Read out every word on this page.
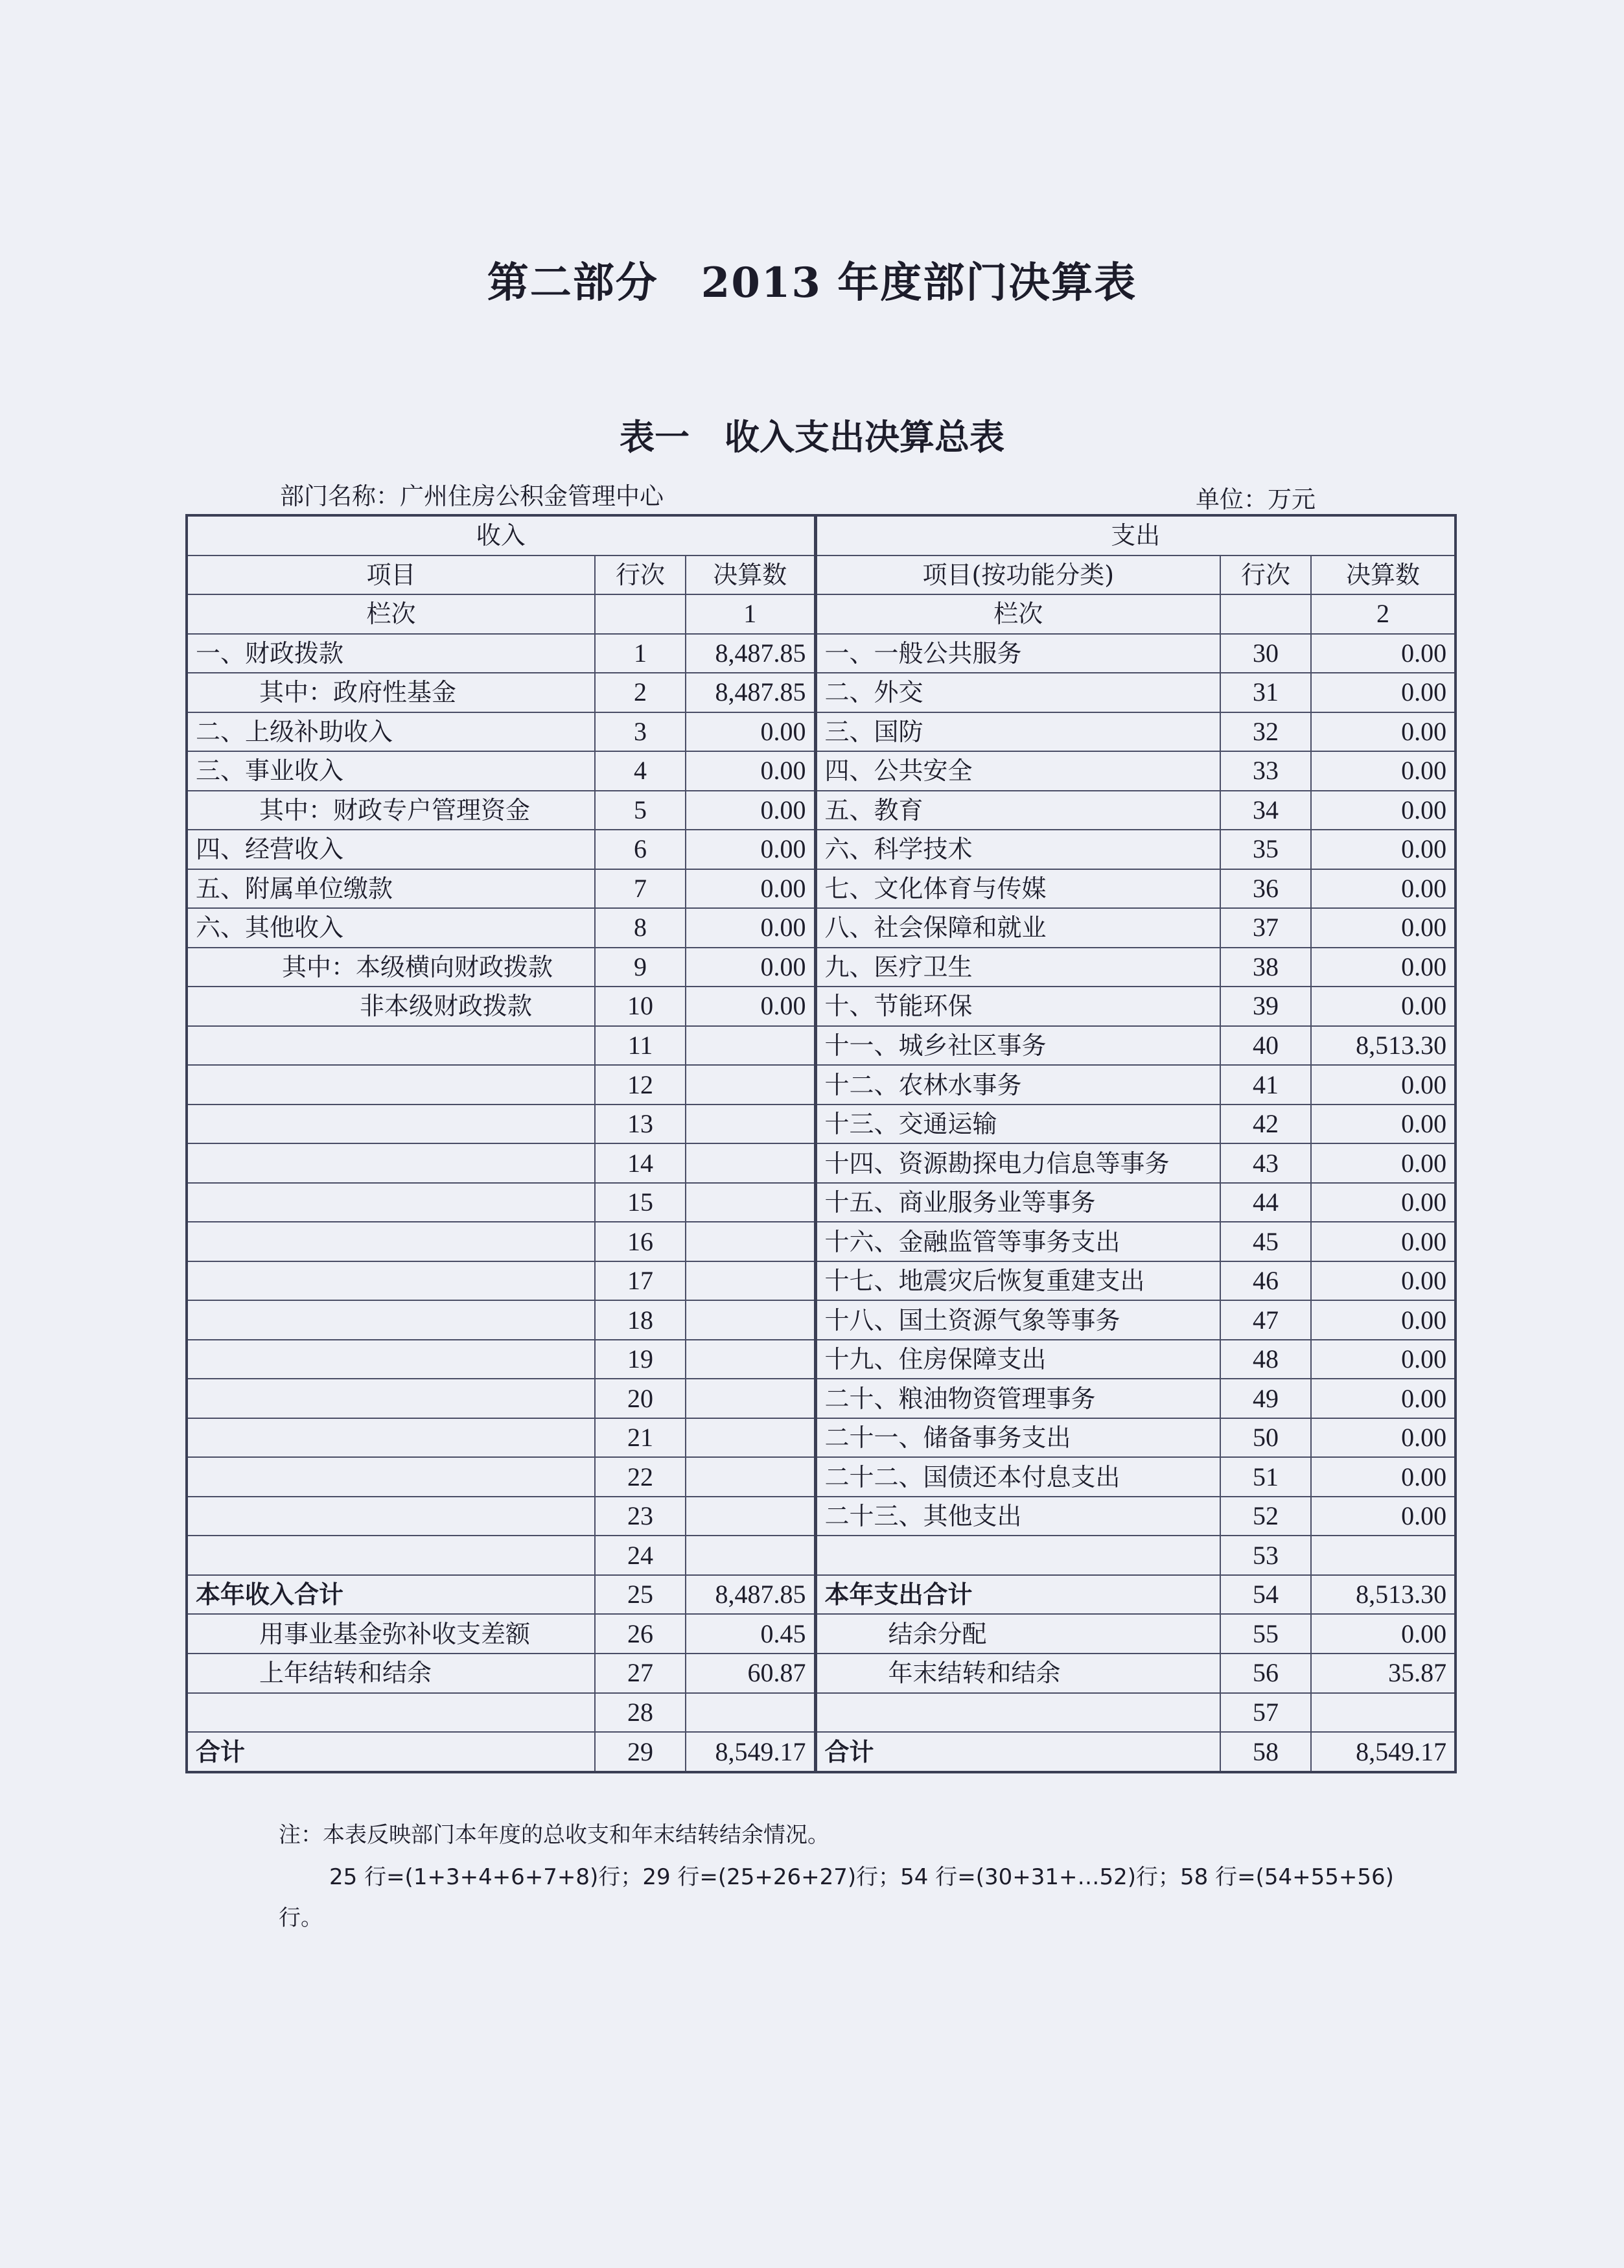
第二部分　2013 年度部门决算表
表一　收入支出决算总表
部门名称：广州住房公积金管理中心	单位：万元
收入			支出		
项目	行次	决算数	项目(按功能分类)	行次	决算数
栏次		1	栏次		2
一、财政拨款	1	8,487.85	一、一般公共服务	30	0.00
其中：政府性基金	2	8,487.85	二、外交	31	0.00
二、上级补助收入	3	0.00	三、国防	32	0.00
三、事业收入	4	0.00	四、公共安全	33	0.00
其中：财政专户管理资金	5	0.00	五、教育	34	0.00
四、经营收入	6	0.00	六、科学技术	35	0.00
五、附属单位缴款	7	0.00	七、文化体育与传媒	36	0.00
六、其他收入	8	0.00	八、社会保障和就业	37	0.00
其中：本级横向财政拨款	9	0.00	九、医疗卫生	38	0.00
非本级财政拨款	10	0.00	十、节能环保	39	0.00
	11		十一、城乡社区事务	40	8,513.30
	12		十二、农林水事务	41	0.00
	13		十三、交通运输	42	0.00
	14		十四、资源勘探电力信息等事务	43	0.00
	15		十五、商业服务业等事务	44	0.00
	16		十六、金融监管等事务支出	45	0.00
	17		十七、地震灾后恢复重建支出	46	0.00
	18		十八、国土资源气象等事务	47	0.00
	19		十九、住房保障支出	48	0.00
	20		二十、粮油物资管理事务	49	0.00
	21		二十一、储备事务支出	50	0.00
	22		二十二、国债还本付息支出	51	0.00
	23		二十三、其他支出	52	0.00
	24			53	
本年收入合计	25	8,487.85	本年支出合计	54	8,513.30
用事业基金弥补收支差额	26	0.45	结余分配	55	0.00
上年结转和结余	27	60.87	年末结转和结余	56	35.87
	28			57	
合计	29	8,549.17	合计	58	8,549.17
注：本表反映部门本年度的总收支和年末结转结余情况。
25 行=(1+3+4+6+7+8)行；29 行=(25+26+27)行；54 行=(30+31+…52)行；58 行=(54+55+56)
行。
